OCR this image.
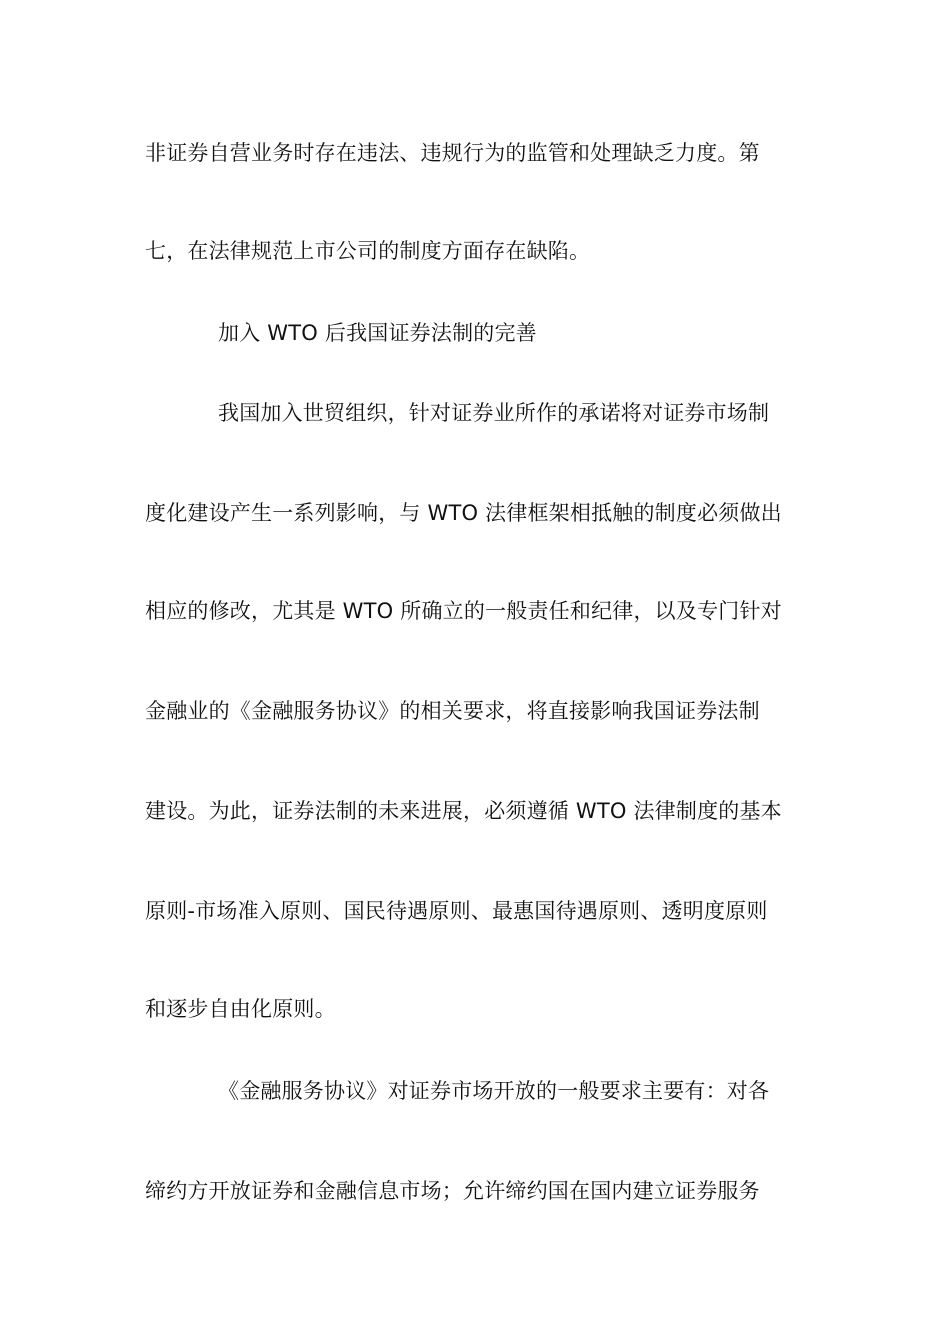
非证券自营业务时存在违法、违规行为的监管和处理缺乏力度。第
七，在法律规范上市公司的制度方面存在缺陷。
加入 WTO 后我国证券法制的完善
我国加入世贸组织，针对证券业所作的承诺将对证券市场制
度化建设产生一系列影响，与 WTO 法律框架相抵触的制度必须做出
相应的修改，尤其是 WTO 所确立的一般责任和纪律，以及专门针对
金融业的《金融服务协议》的相关要求，将直接影响我国证券法制
建设。为此，证券法制的未来进展，必须遵循 WTO 法律制度的基本
原则-市场准入原则、国民待遇原则、最惠国待遇原则、透明度原则
和逐步自由化原则。
《金融服务协议》对证券市场开放的一般要求主要有：对各
缔约方开放证券和金融信息市场；允许缔约国在国内建立证券服务
